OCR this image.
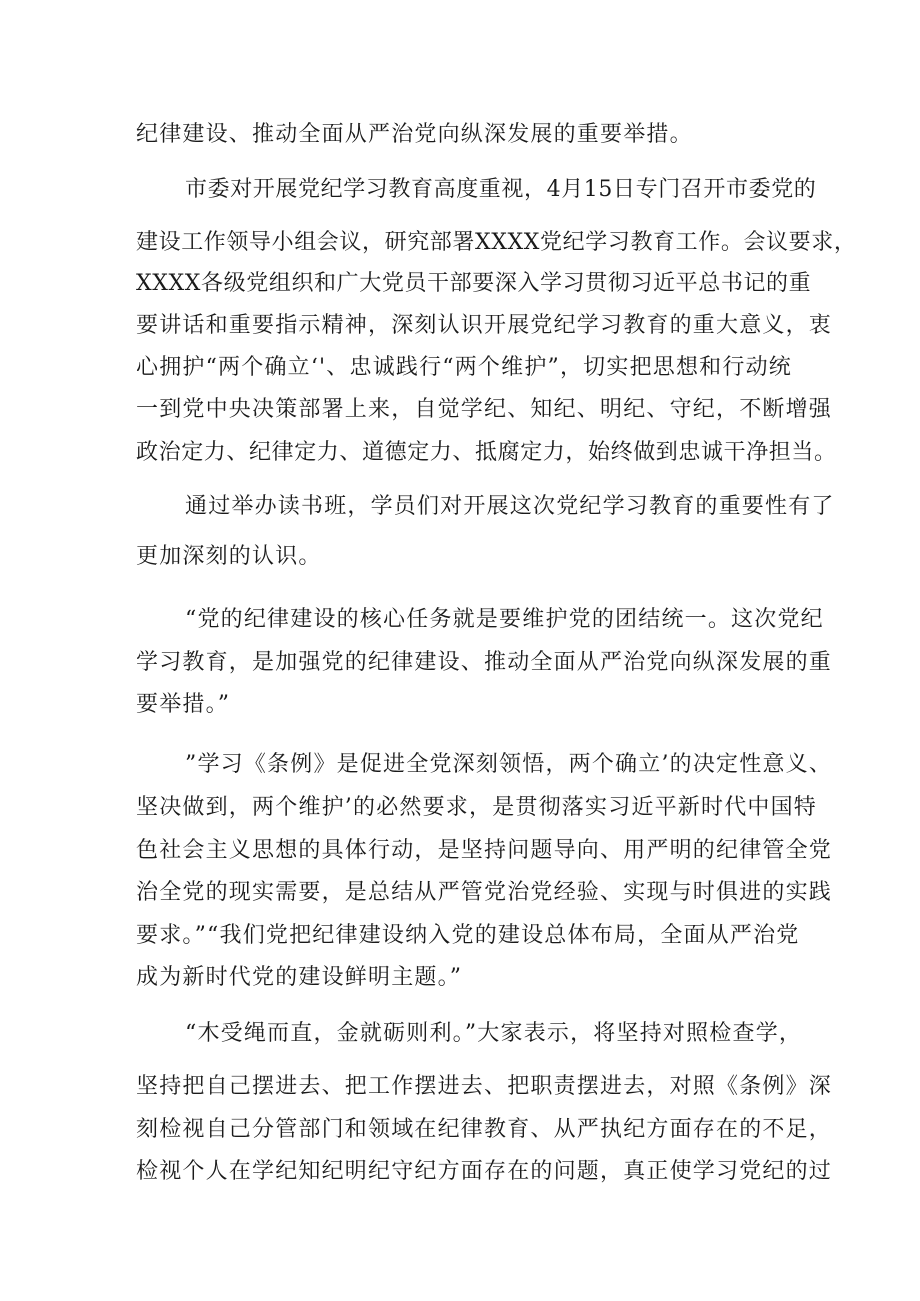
纪律建设、推动全面从严治党向纵深发展的重要举措。

市委对开展党纪学习教育高度重视，4月15日专门召开市委党的

建设工作领导小组会议，研究部署XXXX党纪学习教育工作。会议要求，

XXXX各级党组织和广大党员干部要深入学习贯彻习近平总书记的重

要讲话和重要指示精神，深刻认识开展党纪学习教育的重大意义，衷

心拥护“两个确立‘'、忠诚践行“两个维护”，切实把思想和行动统

一到党中央决策部署上来，自觉学纪、知纪、明纪、守纪，不断增强

政治定力、纪律定力、道德定力、抵腐定力，始终做到忠诚干净担当。

通过举办读书班，学员们对开展这次党纪学习教育的重要性有了

更加深刻的认识。

“党的纪律建设的核心任务就是要维护党的团结统一。这次党纪

学习教育，是加强党的纪律建设、推动全面从严治党向纵深发展的重

要举措。”

”学习《条例》是促进全党深刻领悟，两个确立’的决定性意义、

坚决做到，两个维护’的必然要求，是贯彻落实习近平新时代中国特

色社会主义思想的具体行动，是坚持问题导向、用严明的纪律管全党

治全党的现实需要，是总结从严管党治党经验、实现与时俱进的实践

要求。”“我们党把纪律建设纳入党的建设总体布局，全面从严治党

成为新时代党的建设鲜明主题。”

“木受绳而直，金就砺则利。”大家表示，将坚持对照检查学，

坚持把自己摆进去、把工作摆进去、把职责摆进去，对照《条例》深

刻检视自己分管部门和领域在纪律教育、从严执纪方面存在的不足，

检视个人在学纪知纪明纪守纪方面存在的问题，真正使学习党纪的过
